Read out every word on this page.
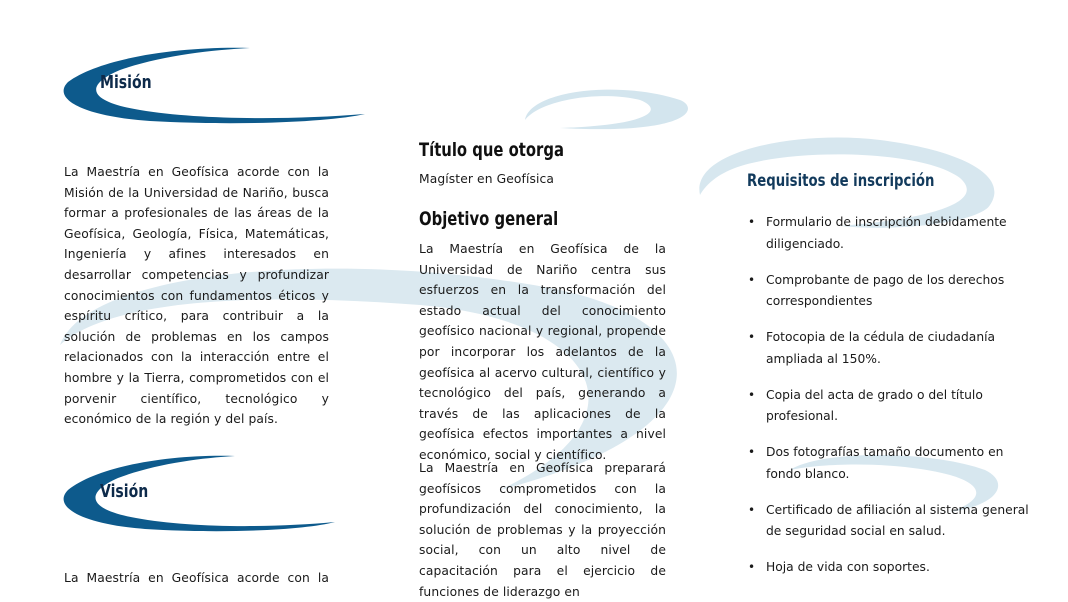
Misión

La Maestría en Geofísica acorde con la Misión de la Universidad de Nariño, busca formar a profesionales de las áreas de la Geofísica, Geología, Física, Matemáticas, Ingeniería y afines interesados en desarrollar competencias y profundizar conocimientos con fundamentos éticos y espíritu crítico, para contribuir a la solución de problemas en los campos relacionados con la interacción entre el hombre y la Tierra, comprometidos con el porvenir científico, tecnológico y económico de la región y del país.

Visión

La Maestría en Geofísica acorde con la

Título que otorga

Magíster en Geofísica

Objetivo general

La Maestría en Geofísica de la Universidad de Nariño centra sus esfuerzos en la transformación del estado actual del conocimiento geofísico nacional y regional, propende por incorporar los adelantos de la geofísica al acervo cultural, científico y tecnológico del país, generando a través de las aplicaciones de la geofísica efectos importantes a nivel económico, social y científico.

La Maestría en Geofísica preparará geofísicos comprometidos con la profundización del conocimiento, la solución de problemas y la proyección social, con un alto nivel de capacitación para el ejercicio de funciones de liderazgo en

Requisitos de inscripción
• Formulario de inscripción debidamente diligenciado.
• Comprobante de pago de los derechos correspondientes
• Fotocopia de la cédula de ciudadanía ampliada al 150%.
• Copia del acta de grado o del título profesional.
• Dos fotografías tamaño documento en fondo blanco.
• Certificado de afiliación al sistema general de seguridad social en salud.
• Hoja de vida con soportes.
